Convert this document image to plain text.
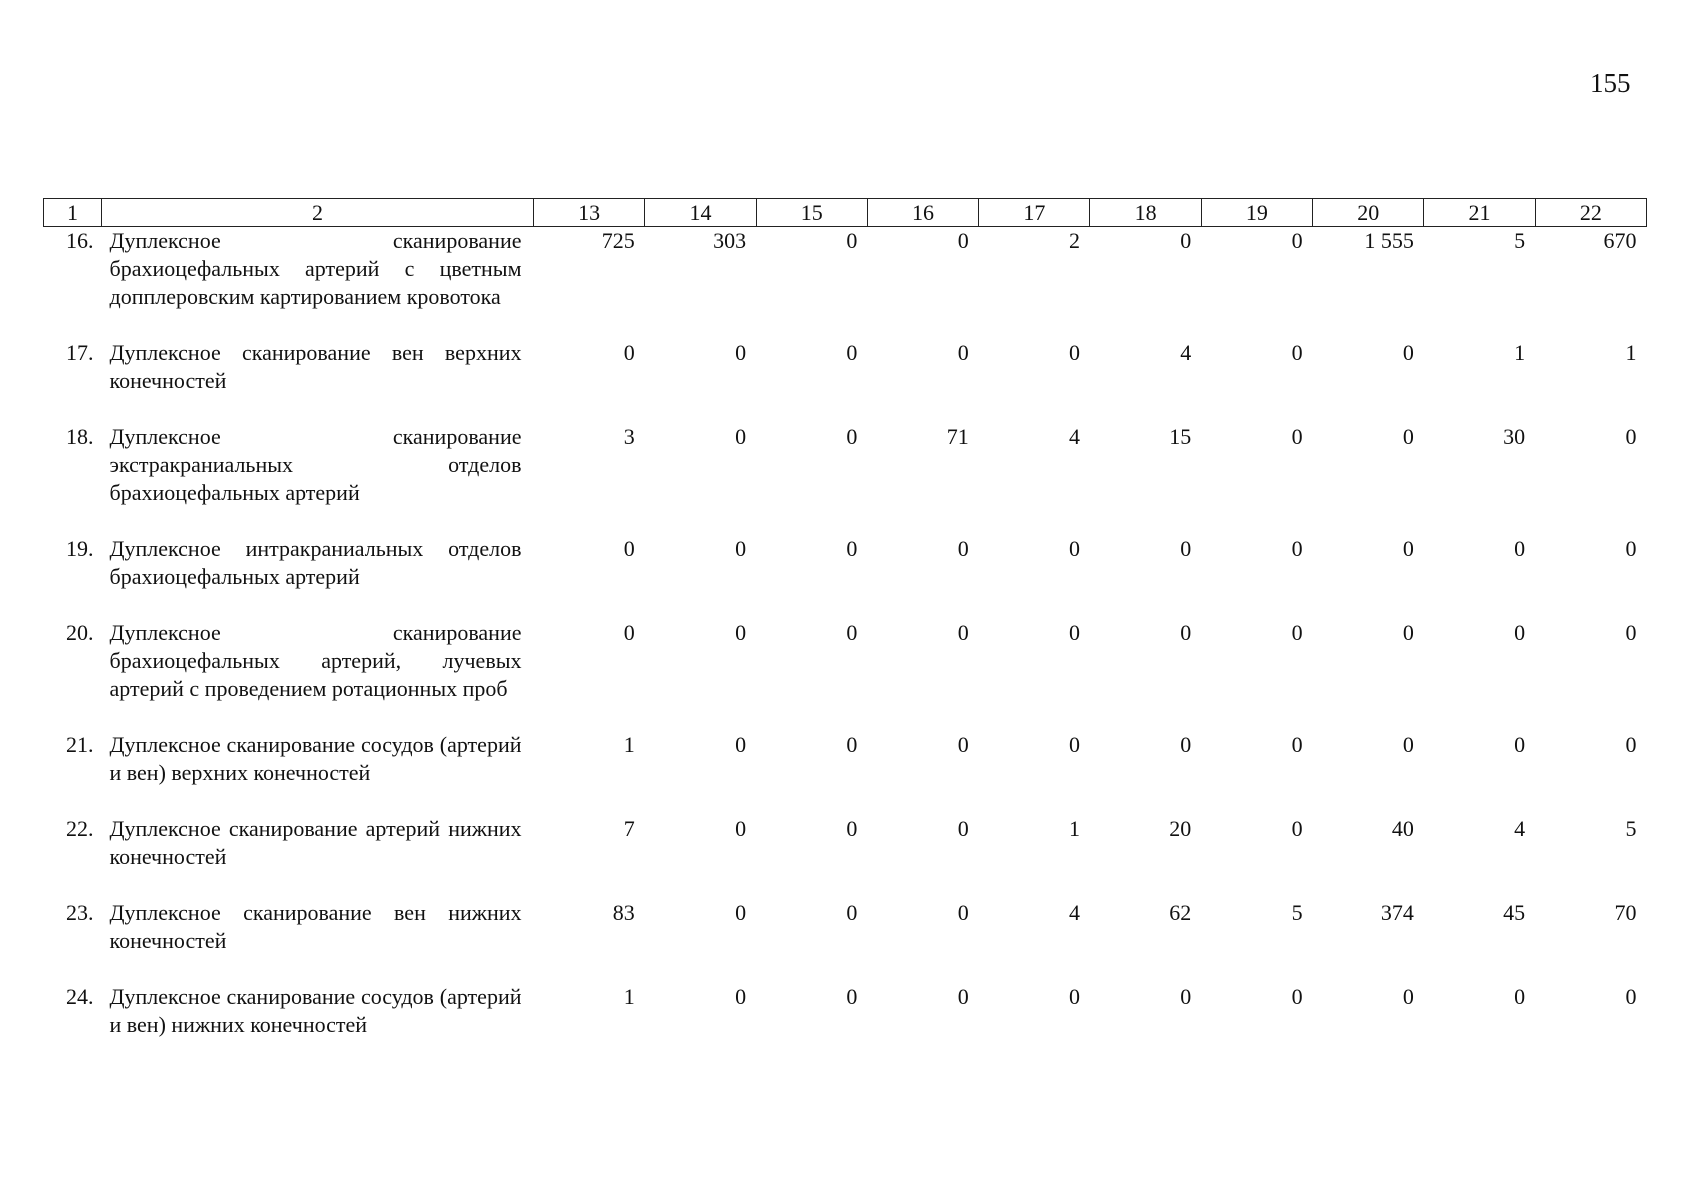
155
1	2	13	14	15	16	17	18	19	20	21	22
16.	Дуплексное сканирование брахиоцефальных артерий с цветным допплеровским картированием кровотока	725	303	0	0	2	0	0	1 555	5	670
17.	Дуплексное сканирование вен верхних конечностей	0	0	0	0	0	4	0	0	1	1
18.	Дуплексное сканирование экстракраниальных отделов брахиоцефальных артерий	3	0	0	71	4	15	0	0	30	0
19.	Дуплексное интракраниальных отделов брахиоцефальных артерий	0	0	0	0	0	0	0	0	0	0
20.	Дуплексное сканирование брахиоцефальных артерий, лучевых артерий с проведением ротационных проб	0	0	0	0	0	0	0	0	0	0
21.	Дуплексное сканирование сосудов (артерий и вен) верхних конечностей	1	0	0	0	0	0	0	0	0	0
22.	Дуплексное сканирование артерий нижних конечностей	7	0	0	0	1	20	0	40	4	5
23.	Дуплексное сканирование вен нижних конечностей	83	0	0	0	4	62	5	374	45	70
24.	Дуплексное сканирование сосудов (артерий и вен) нижних конечностей	1	0	0	0	0	0	0	0	0	0
